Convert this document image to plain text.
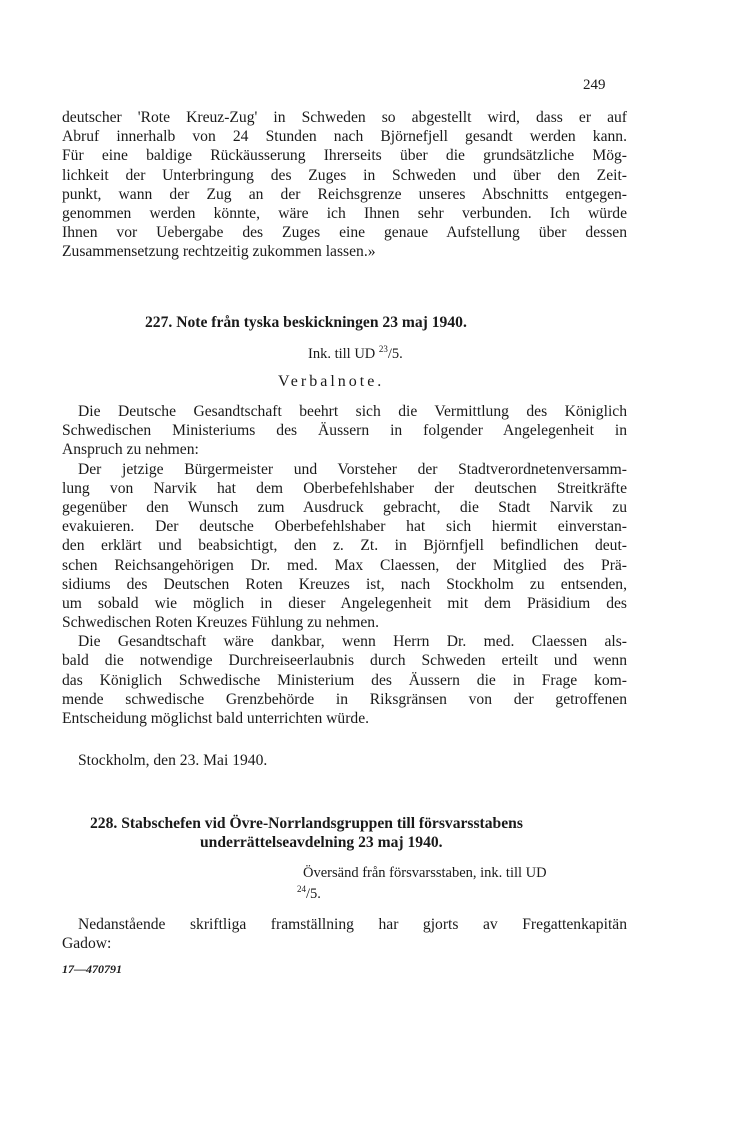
249
deutscher 'Rote Kreuz-Zug' in Schweden so abgestellt wird, dass er auf
Abruf innerhalb von 24 Stunden nach Björnefjell gesandt werden kann.
Für eine baldige Rückäusserung Ihrerseits über die grundsätzliche Mög-
lichkeit der Unterbringung des Zuges in Schweden und über den Zeit-
punkt, wann der Zug an der Reichsgrenze unseres Abschnitts entgegen-
genommen werden könnte, wäre ich Ihnen sehr verbunden. Ich würde
Ihnen vor Uebergabe des Zuges eine genaue Aufstellung über dessen
Zusammensetzung rechtzeitig zukommen lassen.»
227. Note från tyska beskickningen 23 maj 1940.
Ink. till UD $^{23}$/5.
Verbalnote.
Die Deutsche Gesandtschaft beehrt sich die Vermittlung des Königlich
Schwedischen Ministeriums des Äussern in folgender Angelegenheit in
Anspruch zu nehmen:
Der jetzige Bürgermeister und Vorsteher der Stadtverordnetenversamm-
lung von Narvik hat dem Oberbefehlshaber der deutschen Streitkräfte
gegenüber den Wunsch zum Ausdruck gebracht, die Stadt Narvik zu
evakuieren. Der deutsche Oberbefehlshaber hat sich hiermit einverstan-
den erklärt und beabsichtigt, den z. Zt. in Björnfjell befindlichen deut-
schen Reichsangehörigen Dr. med. Max Claessen, der Mitglied des Prä-
sidiums des Deutschen Roten Kreuzes ist, nach Stockholm zu entsenden,
um sobald wie möglich in dieser Angelegenheit mit dem Präsidium des
Schwedischen Roten Kreuzes Fühlung zu nehmen.
Die Gesandtschaft wäre dankbar, wenn Herrn Dr. med. Claessen als-
bald die notwendige Durchreiseerlaubnis durch Schweden erteilt und wenn
das Königlich Schwedische Ministerium des Äussern die in Frage kom-
mende schwedische Grenzbehörde in Riksgränsen von der getroffenen
Entscheidung möglichst bald unterrichten würde.
Stockholm, den 23. Mai 1940.
228. Stabschefen vid Övre-Norrlandsgruppen till försvarsstabens
underrättelseavdelning 23 maj 1940.
Översänd från försvarsstaben, ink. till UD
$^{24}$/5.
Nedanstående skriftliga framställning har gjorts av Fregattenkapitän
Gadow:
17—470791
